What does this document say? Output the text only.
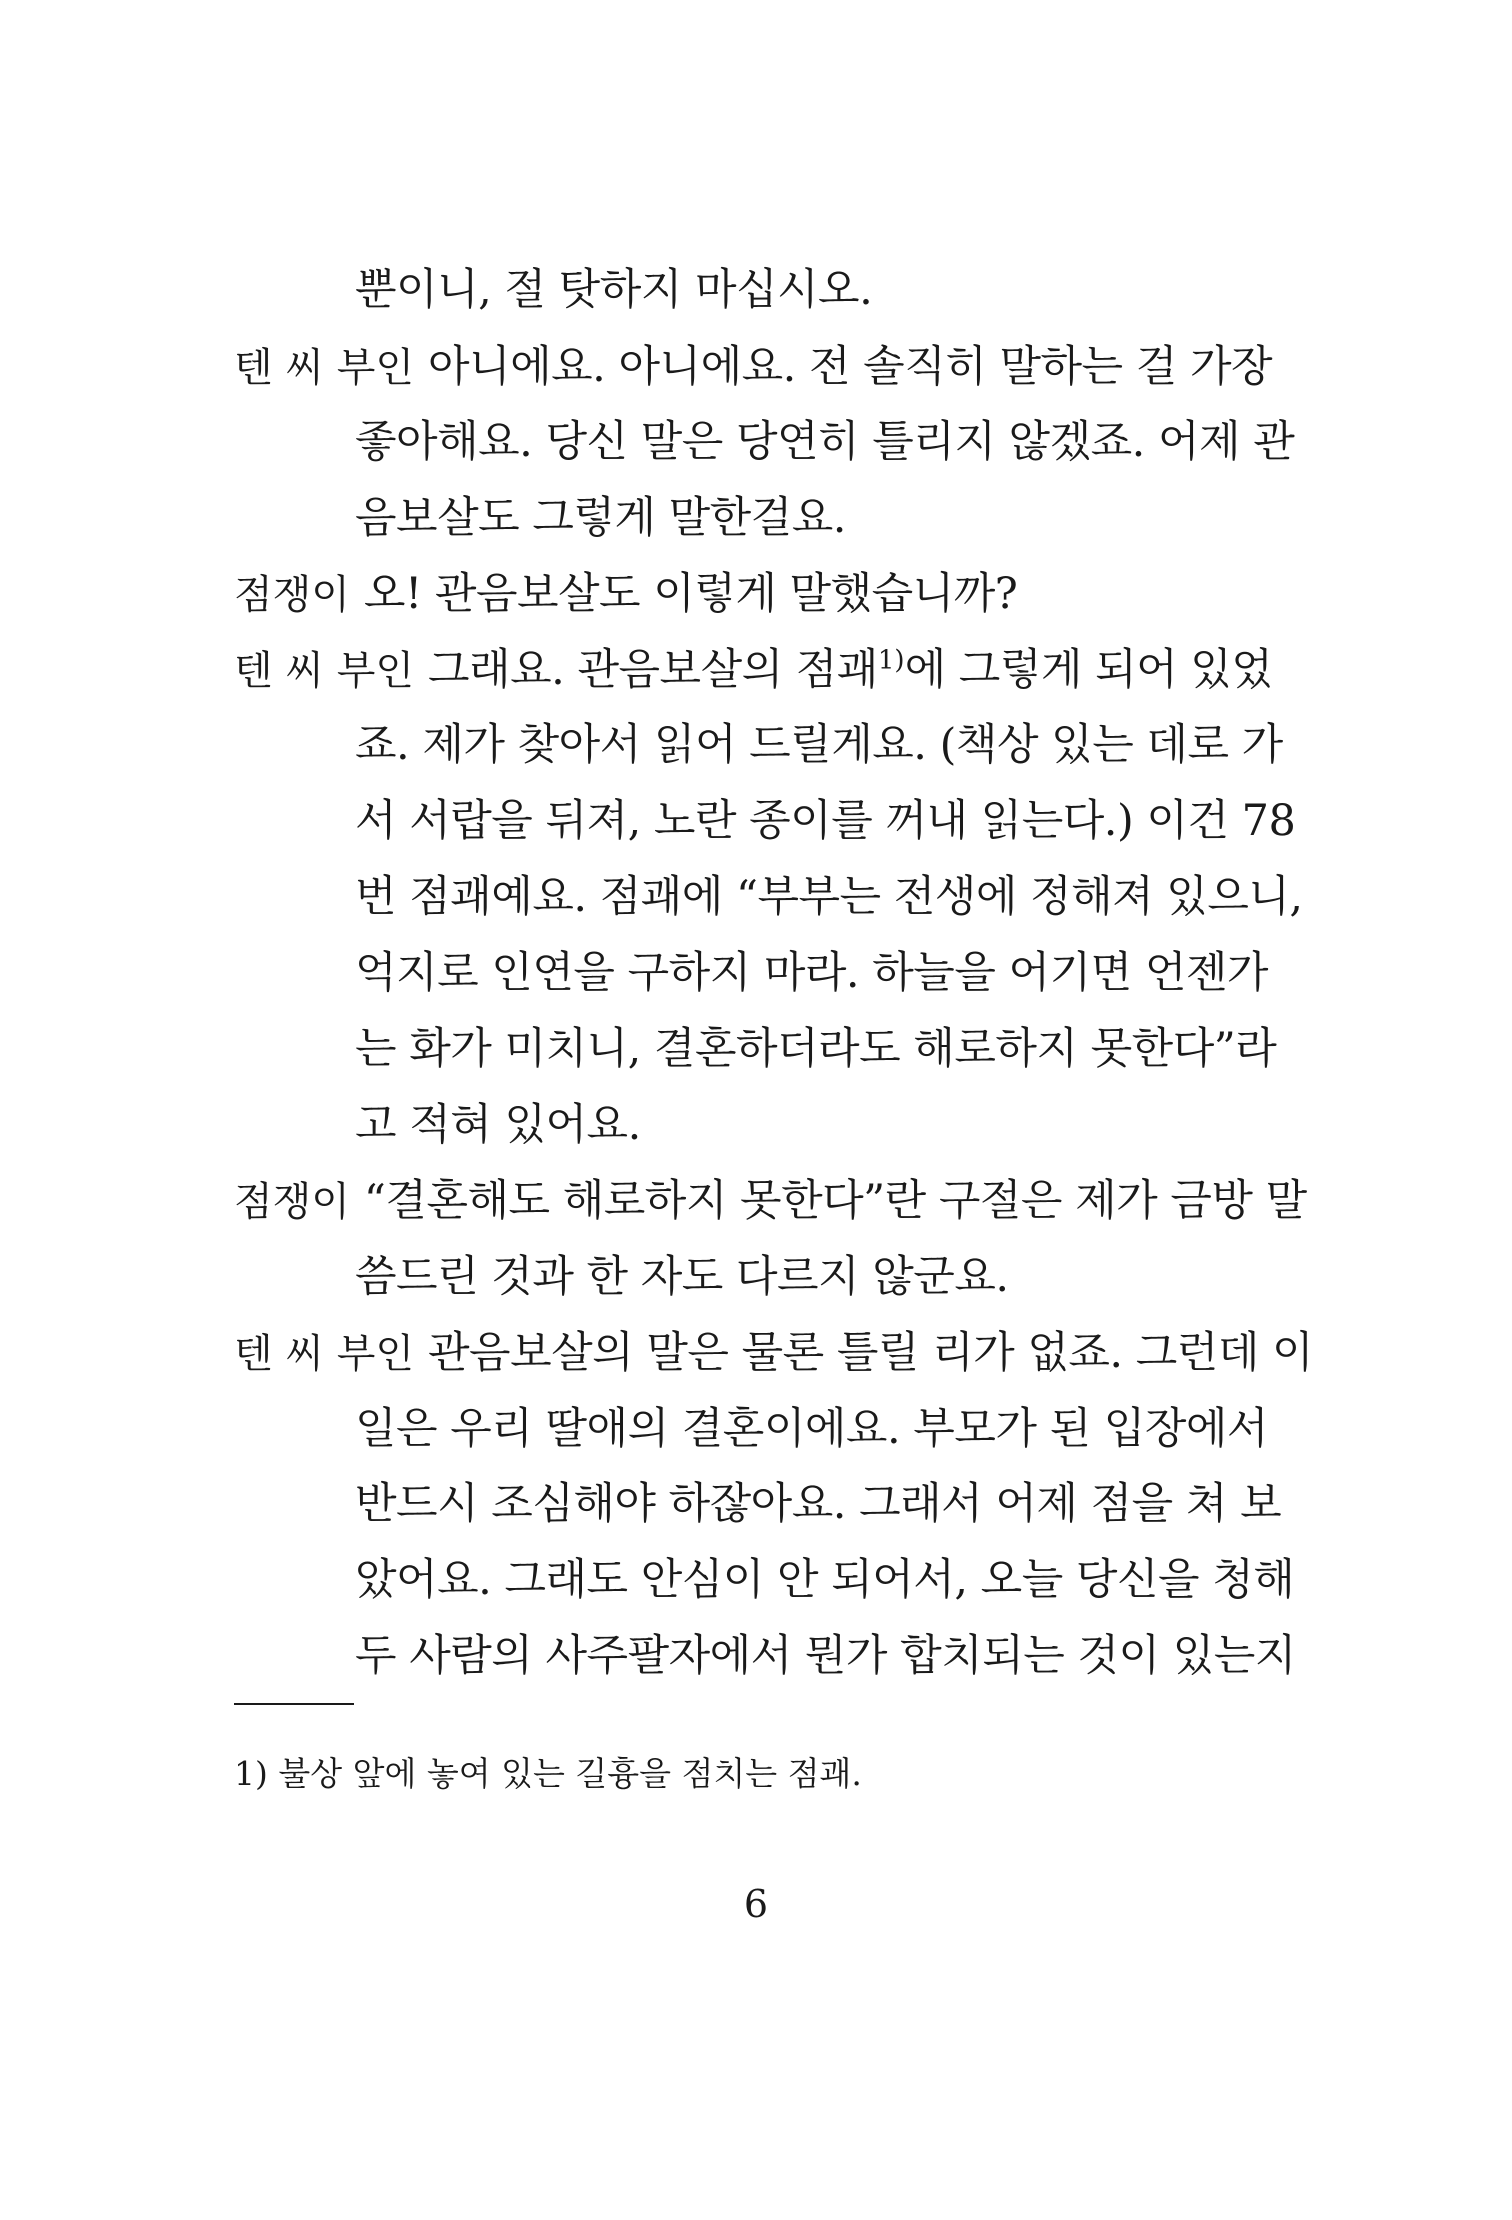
뿐이니, 절 탓하지 마십시오.
텐 씨 부인 아니에요. 아니에요. 전 솔직히 말하는 걸 가장
좋아해요. 당신 말은 당연히 틀리지 않겠죠. 어제 관
음보살도 그렇게 말한걸요.
점쟁이 오! 관음보살도 이렇게 말했습니까?
텐 씨 부인 그래요. 관음보살의 점괘$^{1)}$에 그렇게 되어 있었
죠. 제가 찾아서 읽어 드릴게요. (책상 있는 데로 가
서 서랍을 뒤져, 노란 종이를 꺼내 읽는다.) 이건 78
번 점괘예요. 점괘에 “부부는 전생에 정해져 있으니,
억지로 인연을 구하지 마라. 하늘을 어기면 언젠가
는 화가 미치니, 결혼하더라도 해로하지 못한다”라
고 적혀 있어요.
점쟁이 “결혼해도 해로하지 못한다”란 구절은 제가 금방 말
씀드린 것과 한 자도 다르지 않군요.
텐 씨 부인 관음보살의 말은 물론 틀릴 리가 없죠. 그런데 이
일은 우리 딸애의 결혼이에요. 부모가 된 입장에서
반드시 조심해야 하잖아요. 그래서 어제 점을 쳐 보
았어요. 그래도 안심이 안 되어서, 오늘 당신을 청해
두 사람의 사주팔자에서 뭔가 합치되는 것이 있는지
1) 불상 앞에 놓여 있는 길흉을 점치는 점괘.
6
